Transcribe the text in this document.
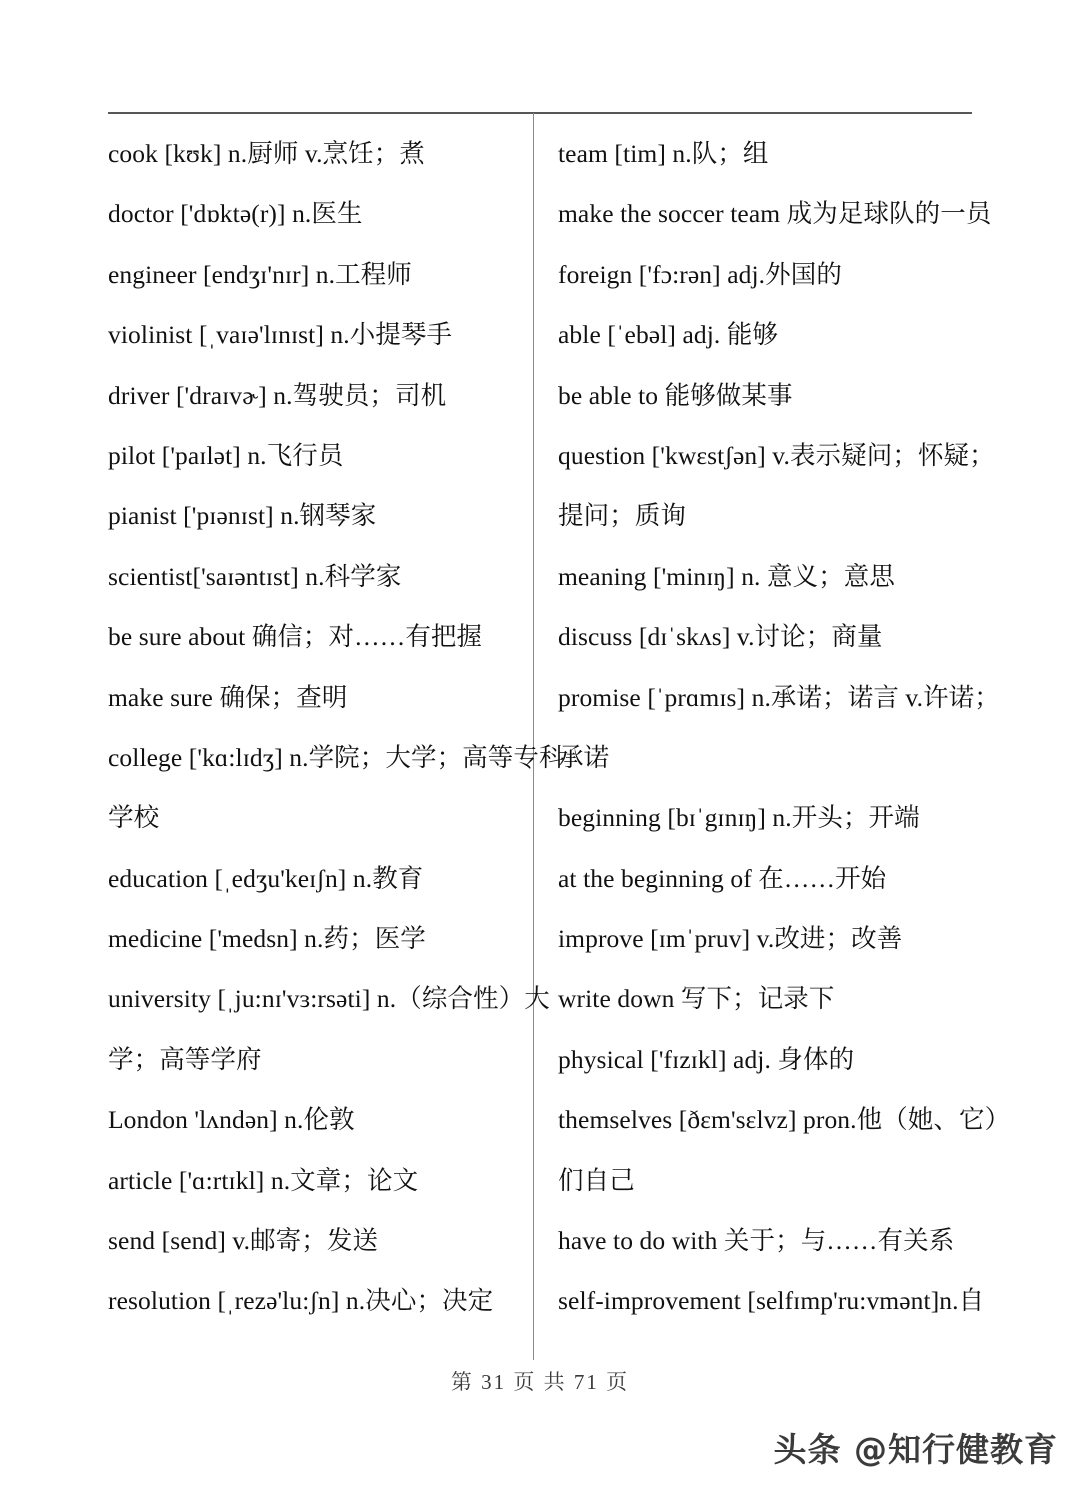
cook [kʊk] n.厨师 v.烹饪；煮
doctor ['dɒktə(r)] n.医生
engineer [endʒɪ'nɪr] n.工程师
violinist [ˌvaɪə'lɪnɪst] n.小提琴手
driver ['draɪvɚ] n.驾驶员；司机
pilot ['paɪlət] n.飞行员
pianist ['pɪənɪst] n.钢琴家
scientist['saɪəntɪst] n.科学家
be sure about 确信；对……有把握
make sure 确保；查明
college ['kɑ:lɪdʒ] n.学院；大学；高等专科
学校
education [ˌedʒu'keɪʃn] n.教育
medicine ['medsn] n.药；医学
university [ˌju:nɪ'vɜ:rsəti] n.（综合性）大
学；高等学府
London 'lʌndən] n.伦敦
article ['ɑ:rtɪkl] n.文章；论文
send [send] v.邮寄；发送
resolution [ˌrezə'lu:ʃn] n.决心；决定
team [tim] n.队；组
make the soccer team 成为足球队的一员
foreign ['fɔ:rən] adj.外国的
able [ˈebəl] adj. 能够
be able to 能够做某事
question ['kwɛstʃən] v.表示疑问；怀疑；
提问；质询
meaning ['minɪŋ] n. 意义；意思
discuss [dɪˈskʌs] v.讨论；商量
promise [ˈprɑmɪs] n.承诺；诺言 v.许诺；
承诺
beginning [bɪˈgɪnɪŋ] n.开头；开端
at the beginning of 在……开始
improve [ɪmˈpruv] v.改进；改善
write down 写下；记录下
physical ['fɪzɪkl] adj. 身体的
themselves [ðɛm'sɛlvz] pron.他（她、它）
们自己
have to do with 关于；与……有关系
self-improvement [selfɪmp'ru:vmənt]n.自
第 31 页 共 71 页
头条 @知行健教育
